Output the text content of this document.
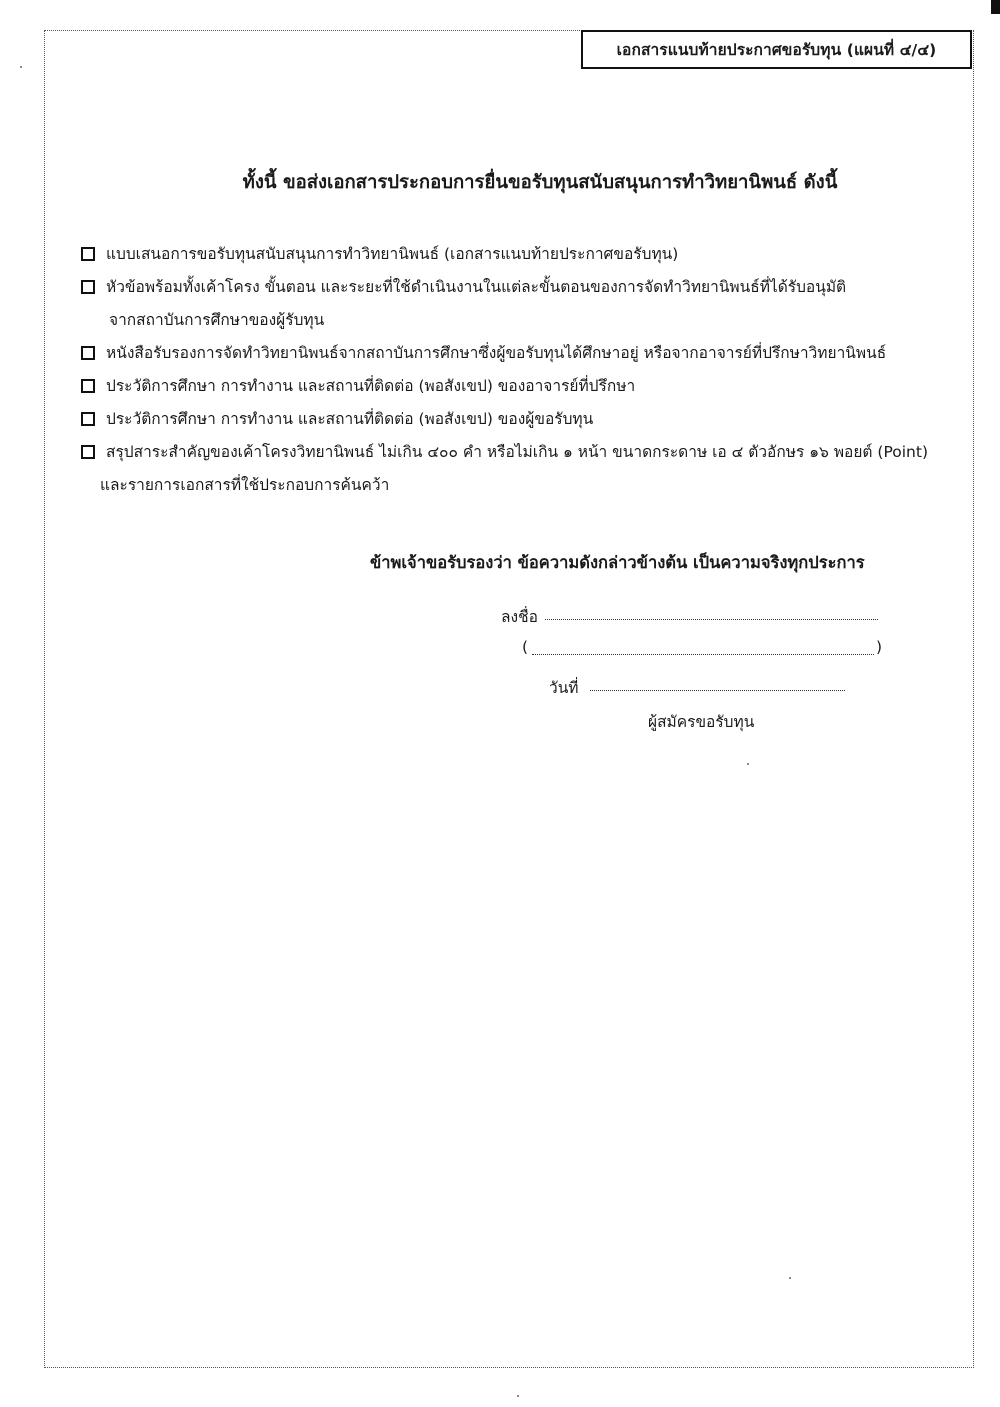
เอกสารแนบท้ายประกาศขอรับทุน (แผนที่ ๔/๔)
ทั้งนี้ ขอส่งเอกสารประกอบการยื่นขอรับทุนสนับสนุนการทำวิทยานิพนธ์ ดังนี้
แบบเสนอการขอรับทุนสนับสนุนการทำวิทยานิพนธ์ (เอกสารแนบท้ายประกาศขอรับทุน)
หัวข้อพร้อมทั้งเค้าโครง ขั้นตอน และระยะที่ใช้ดำเนินงานในแต่ละขั้นตอนของการจัดทำวิทยานิพนธ์ที่ได้รับอนุมัติ
จากสถาบันการศึกษาของผู้รับทุน
หนังสือรับรองการจัดทำวิทยานิพนธ์จากสถาบันการศึกษาซึ่งผู้ขอรับทุนได้ศึกษาอยู่ หรือจากอาจารย์ที่ปรึกษาวิทยานิพนธ์
ประวัติการศึกษา การทำงาน และสถานที่ติดต่อ (พอสังเขป) ของอาจารย์ที่ปรึกษา
ประวัติการศึกษา การทำงาน และสถานที่ติดต่อ (พอสังเขป) ของผู้ขอรับทุน
สรุปสาระสำคัญของเค้าโครงวิทยานิพนธ์ ไม่เกิน ๔๐๐ คำ หรือไม่เกิน ๑ หน้า ขนาดกระดาษ เอ ๔ ตัวอักษร ๑๖ พอยต์ (Point)
และรายการเอกสารที่ใช้ประกอบการค้นคว้า
ข้าพเจ้าขอรับรองว่า ข้อความดังกล่าวข้างต้น เป็นความจริงทุกประการ
ลงชื่อ
(	)
วันที่
ผู้สมัครขอรับทุน
